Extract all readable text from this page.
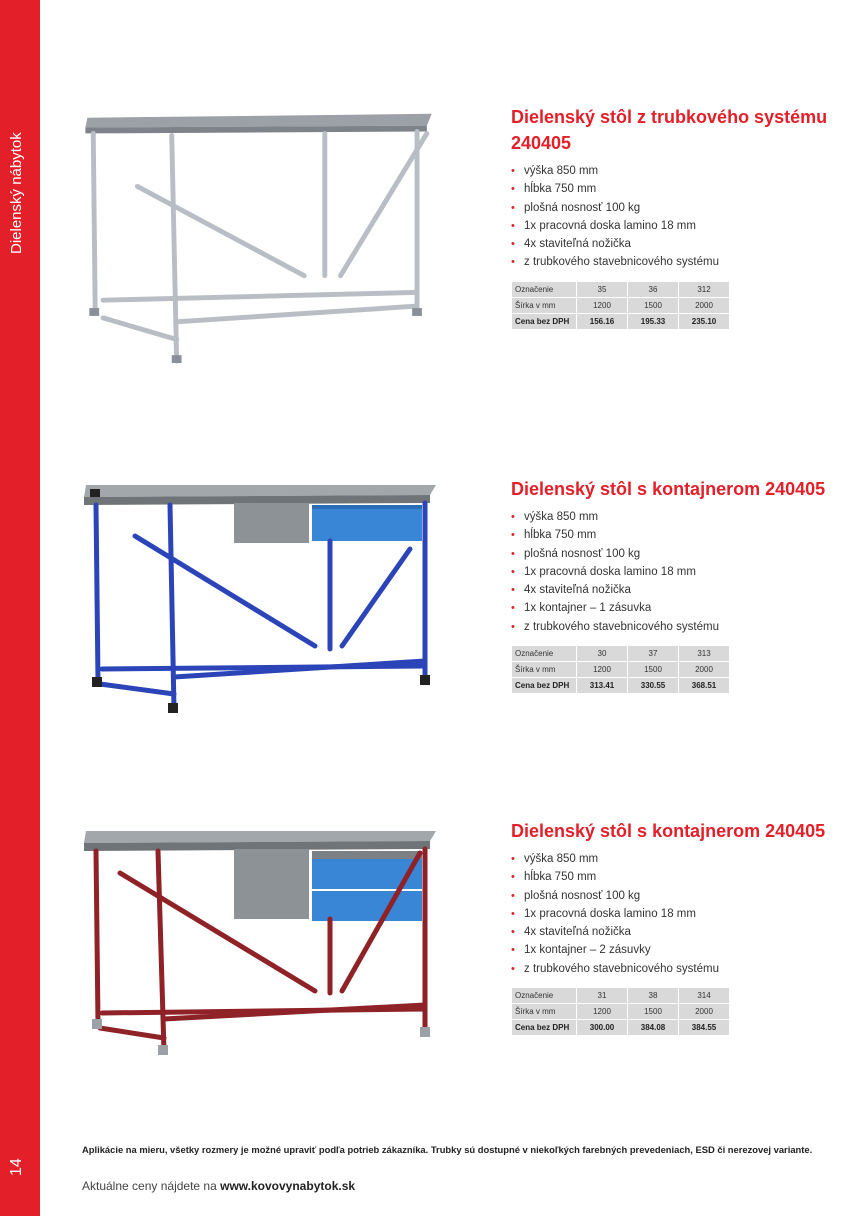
Dielenský nábytok
14
Dielenský stôl z trubkového systému 240405
• výška 850 mm
• hĺbka 750 mm
• plošná nosnosť 100 kg
• 1x pracovná doska lamino 18 mm
• 4x staviteľná nožička
• z trubkového stavebnicového systému
Označenie	35	36	312
Šírka v mm	1200	1500	2000
Cena bez DPH	156.16	195.33	235.10
Dielenský stôl s kontajnerom 240405
• výška 850 mm
• hĺbka 750 mm
• plošná nosnosť 100 kg
• 1x pracovná doska lamino 18 mm
• 4x staviteľná nožička
• 1x kontajner – 1 zásuvka
• z trubkového stavebnicového systému
Označenie	30	37	313
Šírka v mm	1200	1500	2000
Cena bez DPH	313.41	330.55	368.51
Dielenský stôl s kontajnerom 240405
• výška 850 mm
• hĺbka 750 mm
• plošná nosnosť 100 kg
• 1x pracovná doska lamino 18 mm
• 4x staviteľná nožička
• 1x kontajner – 2 zásuvky
• z trubkového stavebnicového systému
Označenie	31	38	314
Šírka v mm	1200	1500	2000
Cena bez DPH	300.00	384.08	384.55
Aplikácie na mieru, všetky rozmery je možné upraviť podľa potrieb zákazníka. Trubky sú dostupné v niekoľkých farebných prevedeniach, ESD či nerezovej variante.
Aktuálne ceny nájdete na www.kovovynabytok.sk
